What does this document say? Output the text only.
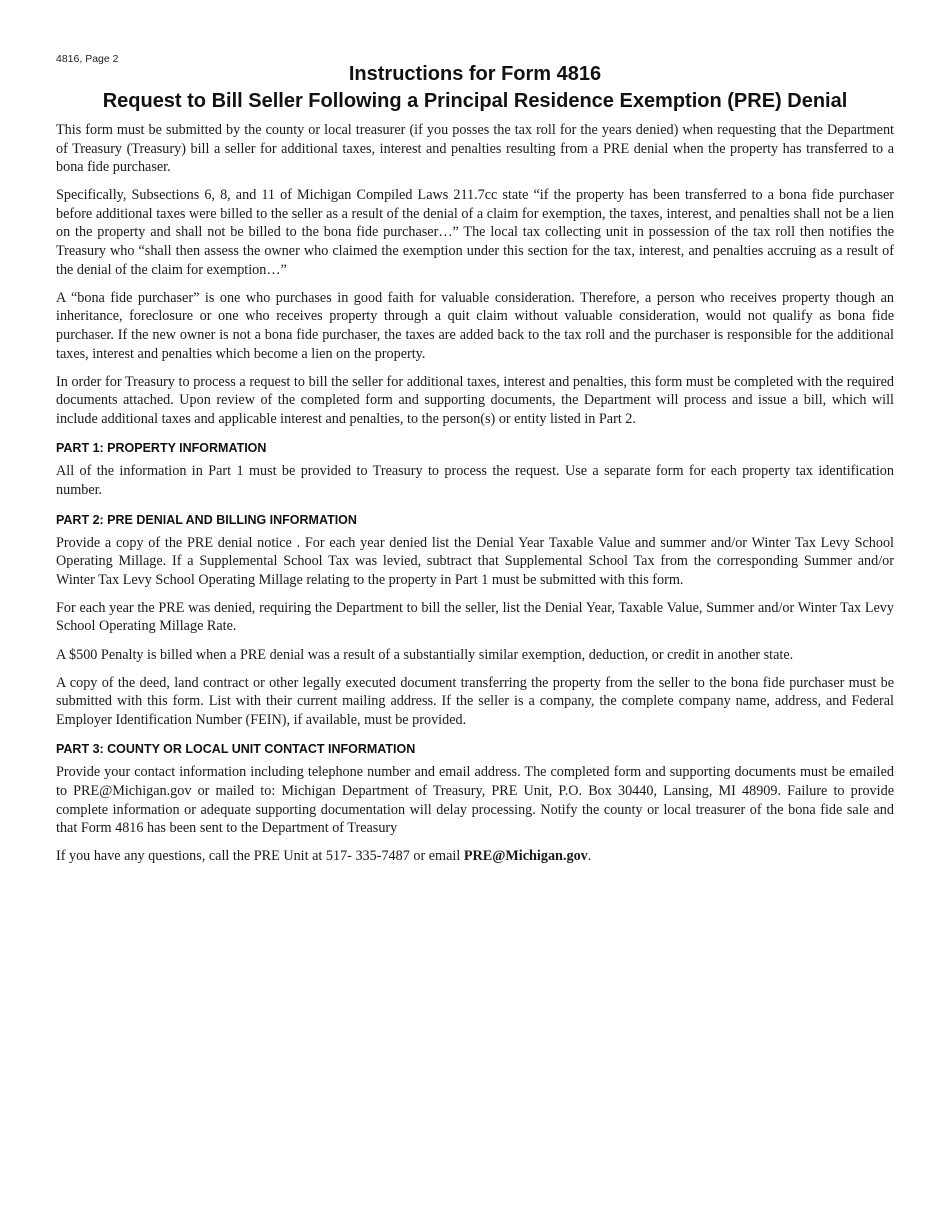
4816, Page 2
Instructions for Form 4816
Request to Bill Seller Following a Principal Residence Exemption (PRE) Denial

This form must be submitted by the county or local treasurer (if you posses the tax roll for the years denied) when requesting that the Department of Treasury (Treasury) bill a seller for additional taxes, interest and penalties resulting from a PRE denial when the property has transferred to a bona fide purchaser.

Specifically, Subsections 6, 8, and 11 of Michigan Compiled Laws 211.7cc state “if the property has been transferred to a bona fide purchaser before additional taxes were billed to the seller as a result of the denial of a claim for exemption, the taxes, interest, and penalties shall not be a lien on the property and shall not be billed to the bona fide purchaser…” The local tax collecting unit in possession of the tax roll then notifies the Treasury who “shall then assess the owner who claimed the exemption under this section for the tax, interest, and penalties accruing as a result of the denial of the claim for exemption…”

A “bona fide purchaser” is one who purchases in good faith for valuable consideration. Therefore, a person who receives property though an inheritance, foreclosure or one who receives property through a quit claim without valuable consideration, would not qualify as bona fide purchaser. If the new owner is not a bona fide purchaser, the taxes are added back to the tax roll and the purchaser is responsible for the additional taxes, interest and penalties which become a lien on the property.

In order for Treasury to process a request to bill the seller for additional taxes, interest and penalties, this form must be completed with the required documents attached. Upon review of the completed form and supporting documents, the Department will process and issue a bill, which will include additional taxes and applicable interest and penalties, to the person(s) or entity listed in Part 2.

PART 1: PROPERTY INFORMATION

All of the information in Part 1 must be provided to Treasury to process the request. Use a separate form for each property tax identification number.

PART 2: PRE DENIAL AND BILLING INFORMATION

Provide a copy of the PRE denial notice . For each year denied list the Denial Year Taxable Value and summer and/or Winter Tax Levy School Operating Millage. If a Supplemental School Tax was levied, subtract that Supplemental School Tax from the corresponding Summer and/or Winter Tax Levy School Operating Millage relating to the property in Part 1 must be submitted with this form.

For each year the PRE was denied, requiring the Department to bill the seller, list the Denial Year, Taxable Value, Summer and/or Winter Tax Levy School Operating Millage Rate.

A $500 Penalty is billed when a PRE denial was a result of a substantially similar exemption, deduction, or credit in another state.

A copy of the deed, land contract or other legally executed document transferring the property from the seller to the bona fide purchaser must be submitted with this form. List with their current mailing address. If the seller is a company, the complete company name, address, and Federal Employer Identification Number (FEIN), if available, must be provided.

PART 3: COUNTY OR LOCAL UNIT CONTACT INFORMATION

Provide your contact information including telephone number and email address. The completed form and supporting documents must be emailed to PRE@Michigan.gov or mailed to: Michigan Department of Treasury, PRE Unit, P.O. Box 30440, Lansing, MI 48909. Failure to provide complete information or adequate supporting documentation will delay processing. Notify the county or local treasurer of the bona fide sale and that Form 4816 has been sent to the Department of Treasury

If you have any questions, call the PRE Unit at 517- 335-7487 or email PRE@Michigan.gov.
